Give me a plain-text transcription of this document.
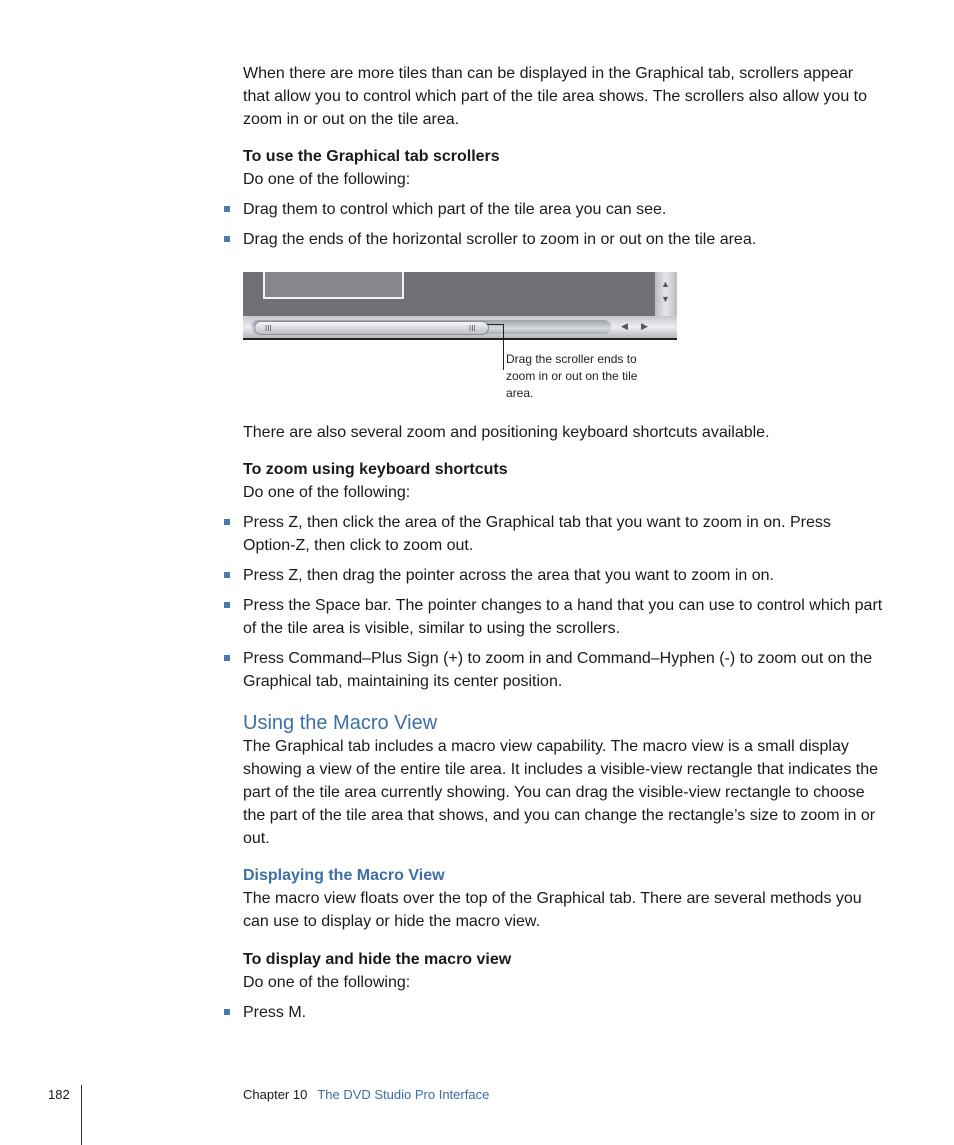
When there are more tiles than can be displayed in the Graphical tab, scrollers appear that allow you to control which part of the tile area shows. The scrollers also allow you to zoom in or out on the tile area.

To use the Graphical tab scrollers

Do one of the following:

Drag them to control which part of the tile area you can see.
Drag the ends of the horizontal scroller to zoom in or out on the tile area.
▲
▼
III	III	◀ ▶
Drag the scroller ends to zoom in or out on the tile area.

There are also several zoom and positioning keyboard shortcuts available.

To zoom using keyboard shortcuts

Do one of the following:

Press Z, then click the area of the Graphical tab that you want to zoom in on. Press Option-Z, then click to zoom out.
Press Z, then drag the pointer across the area that you want to zoom in on.
Press the Space bar. The pointer changes to a hand that you can use to control which part of the tile area is visible, similar to using the scrollers.
Press Command–Plus Sign (+) to zoom in and Command–Hyphen (-) to zoom out on the Graphical tab, maintaining its center position.
Using the Macro View

The Graphical tab includes a macro view capability. The macro view is a small display showing a view of the entire tile area. It includes a visible-view rectangle that indicates the part of the tile area currently showing. You can drag the visible-view rectangle to choose the part of the tile area that shows, and you can change the rectangle’s size to zoom in or out.

Displaying the Macro View

The macro view floats over the top of the Graphical tab. There are several methods you can use to display or hide the macro view.

To display and hide the macro view

Do one of the following:

Press M.
182	Chapter 10 The DVD Studio Pro Interface
